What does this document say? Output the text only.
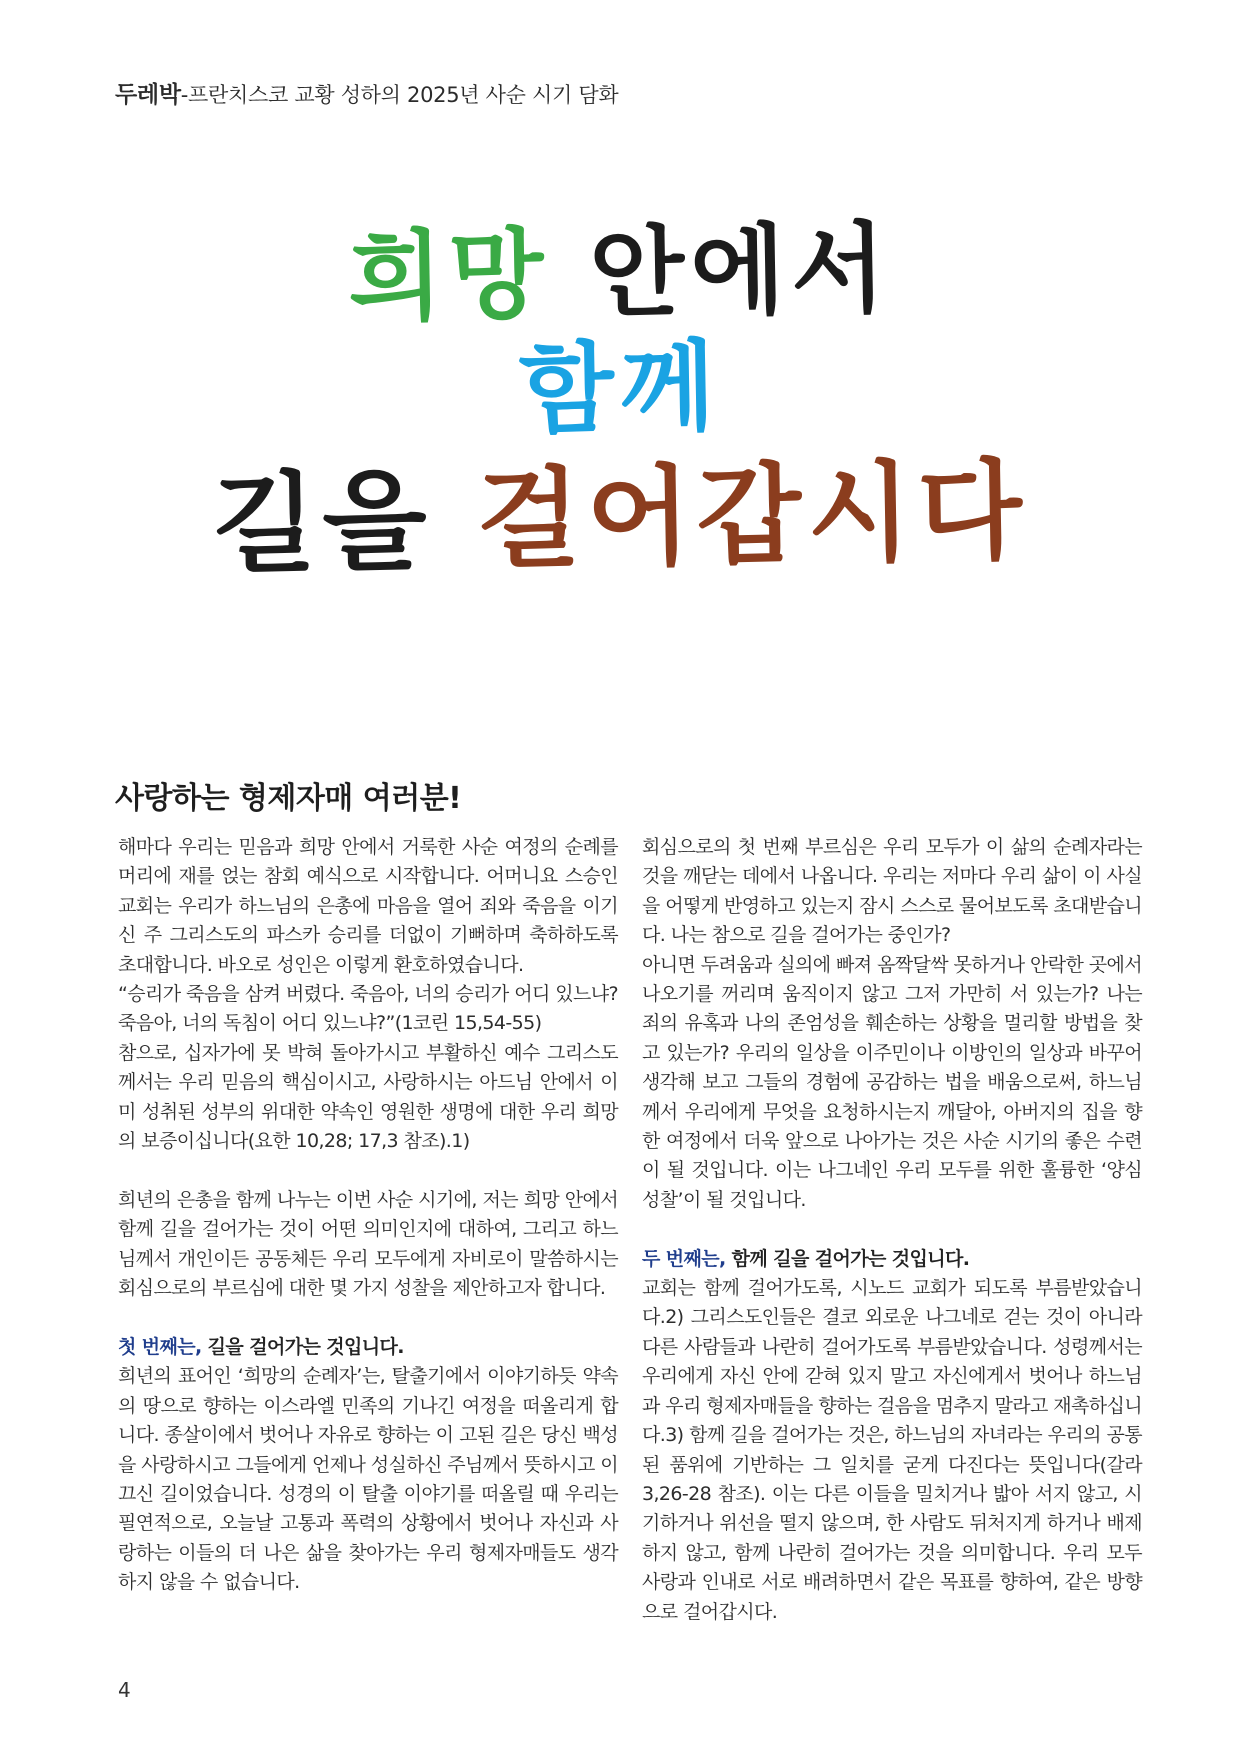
두레박-프란치스코 교황 성하의 2025년 사순 시기 담화
희망 안에서
함께
길을 걸어갑시다
사랑하는 형제자매 여러분!

해마다 우리는 믿음과 희망 안에서 거룩한 사순 여정의 순례를 머리에 재를 얹는 참회 예식으로 시작합니다. 어머니요 스승인 교회는 우리가 하느님의 은총에 마음을 열어 죄와 죽음을 이기신 주 그리스도의 파스카 승리를 더없이 기뻐하며 축하하도록 초대합니다. 바오로 성인은 이렇게 환호하였습니다.

“승리가 죽음을 삼켜 버렸다. 죽음아, 너의 승리가 어디 있느냐? 죽음아, 너의 독침이 어디 있느냐?”(1코린 15,54-55)

참으로, 십자가에 못 박혀 돌아가시고 부활하신 예수 그리스도께서는 우리 믿음의 핵심이시고, 사랑하시는 아드님 안에서 이미 성취된 성부의 위대한 약속인 영원한 생명에 대한 우리 희망의 보증이십니다(요한 10,28; 17,3 참조).1)

희년의 은총을 함께 나누는 이번 사순 시기에, 저는 희망 안에서 함께 길을 걸어가는 것이 어떤 의미인지에 대하여, 그리고 하느님께서 개인이든 공동체든 우리 모두에게 자비로이 말씀하시는 회심으로의 부르심에 대한 몇 가지 성찰을 제안하고자 합니다.

첫 번째는, 길을 걸어가는 것입니다.

희년의 표어인 ‘희망의 순례자’는, 탈출기에서 이야기하듯 약속의 땅으로 향하는 이스라엘 민족의 기나긴 여정을 떠올리게 합니다. 종살이에서 벗어나 자유로 향하는 이 고된 길은 당신 백성을 사랑하시고 그들에게 언제나 성실하신 주님께서 뜻하시고 이끄신 길이었습니다. 성경의 이 탈출 이야기를 떠올릴 때 우리는 필연적으로, 오늘날 고통과 폭력의 상황에서 벗어나 자신과 사랑하는 이들의 더 나은 삶을 찾아가는 우리 형제자매들도 생각하지 않을 수 없습니다.

회심으로의 첫 번째 부르심은 우리 모두가 이 삶의 순례자라는 것을 깨닫는 데에서 나옵니다. 우리는 저마다 우리 삶이 이 사실을 어떻게 반영하고 있는지 잠시 스스로 물어보도록 초대받습니다. 나는 참으로 길을 걸어가는 중인가?

아니면 두려움과 실의에 빠져 옴짝달싹 못하거나 안락한 곳에서 나오기를 꺼리며 움직이지 않고 그저 가만히 서 있는가? 나는 죄의 유혹과 나의 존엄성을 훼손하는 상황을 멀리할 방법을 찾고 있는가? 우리의 일상을 이주민이나 이방인의 일상과 바꾸어 생각해 보고 그들의 경험에 공감하는 법을 배움으로써, 하느님께서 우리에게 무엇을 요청하시는지 깨달아, 아버지의 집을 향한 여정에서 더욱 앞으로 나아가는 것은 사순 시기의 좋은 수련이 될 것입니다. 이는 나그네인 우리 모두를 위한 훌륭한 ‘양심 성찰’이 될 것입니다.

두 번째는, 함께 길을 걸어가는 것입니다.

교회는 함께 걸어가도록, 시노드 교회가 되도록 부름받았습니다.2) 그리스도인들은 결코 외로운 나그네로 걷는 것이 아니라 다른 사람들과 나란히 걸어가도록 부름받았습니다. 성령께서는 우리에게 자신 안에 갇혀 있지 말고 자신에게서 벗어나 하느님과 우리 형제자매들을 향하는 걸음을 멈추지 말라고 재촉하십니다.3) 함께 길을 걸어가는 것은, 하느님의 자녀라는 우리의 공통된 품위에 기반하는 그 일치를 굳게 다진다는 뜻입니다(갈라 3,26-28 참조). 이는 다른 이들을 밀치거나 밟아 서지 않고, 시기하거나 위선을 떨지 않으며, 한 사람도 뒤처지게 하거나 배제하지 않고, 함께 나란히 걸어가는 것을 의미합니다. 우리 모두 사랑과 인내로 서로 배려하면서 같은 목표를 향하여, 같은 방향으로 걸어갑시다.

4
